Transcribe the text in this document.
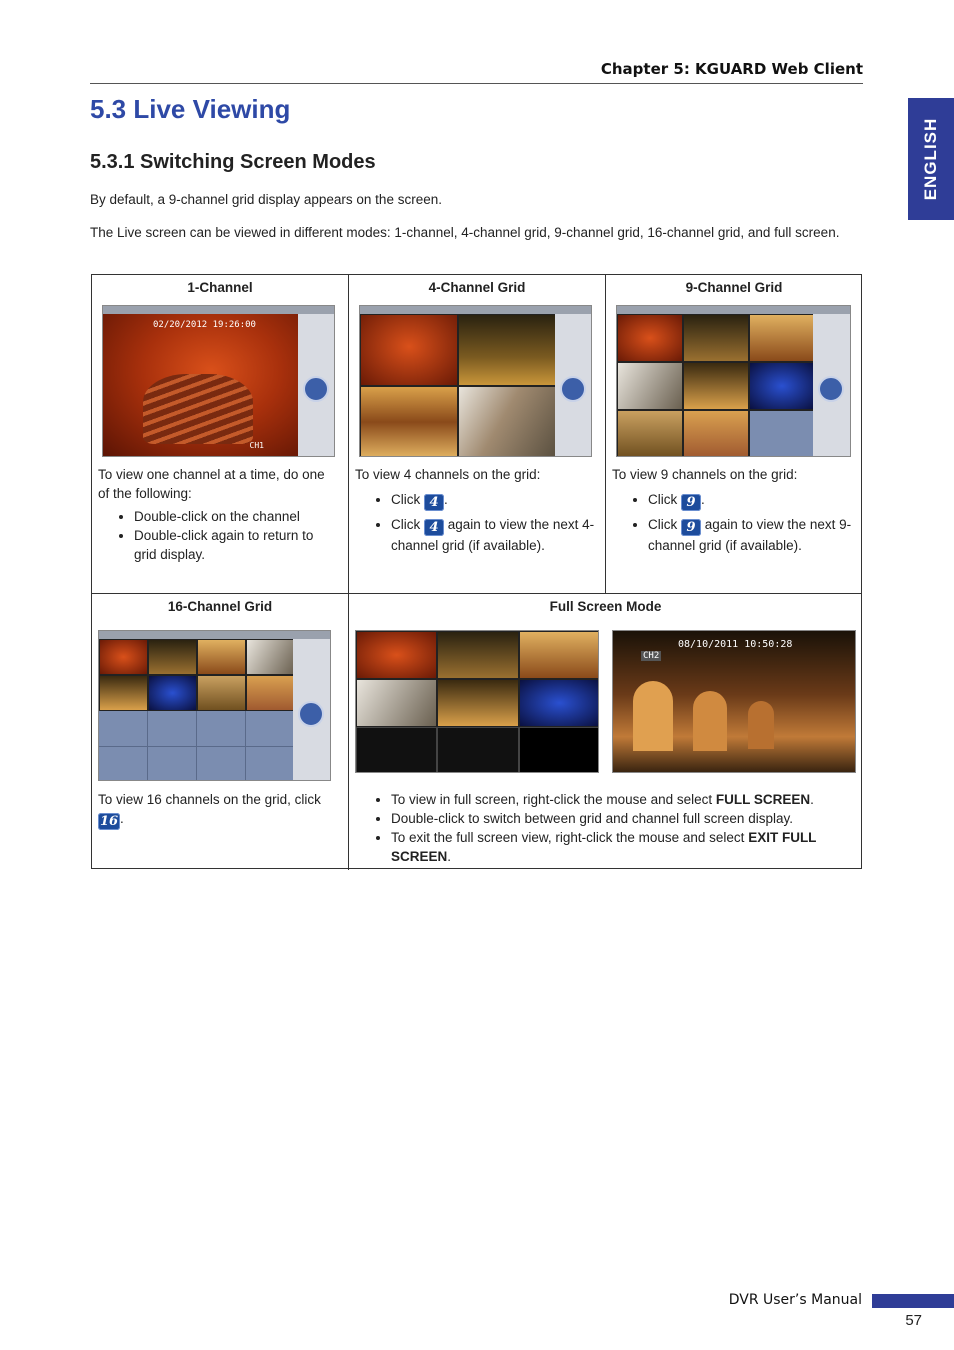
Chapter 5: KGUARD Web Client
ENGLISH
5.3 Live Viewing
5.3.1 Switching Screen Modes
By default, a 9-channel grid display appears on the screen.
The Live screen can be viewed in different modes: 1-channel, 4-channel grid, 9-channel grid, 16-channel grid, and full screen.
1-Channel
02/20/2012 19:26:00
CH1
To view one channel at a time, do one of the following:
• Double-click on the channel
• Double-click again to return to grid display.
4-Channel Grid
To view 4 channels on the grid:
• Click 4 .
• Click 4 again to view the next 4-channel grid (if available).
9-Channel Grid
To view 9 channels on the grid:
• Click 9 .
• Click 9 again to view the next 9-channel grid (if available).
16-Channel Grid
To view 16 channels on the grid, click 16 .
Full Screen Mode
08/10/2011 10:50:28
CH2
• To view in full screen, right-click the mouse and select FULL SCREEN.
• Double-click to switch between grid and channel full screen display.
• To exit the full screen view, right-click the mouse and select EXIT FULL SCREEN.
DVR User’s Manual
57
